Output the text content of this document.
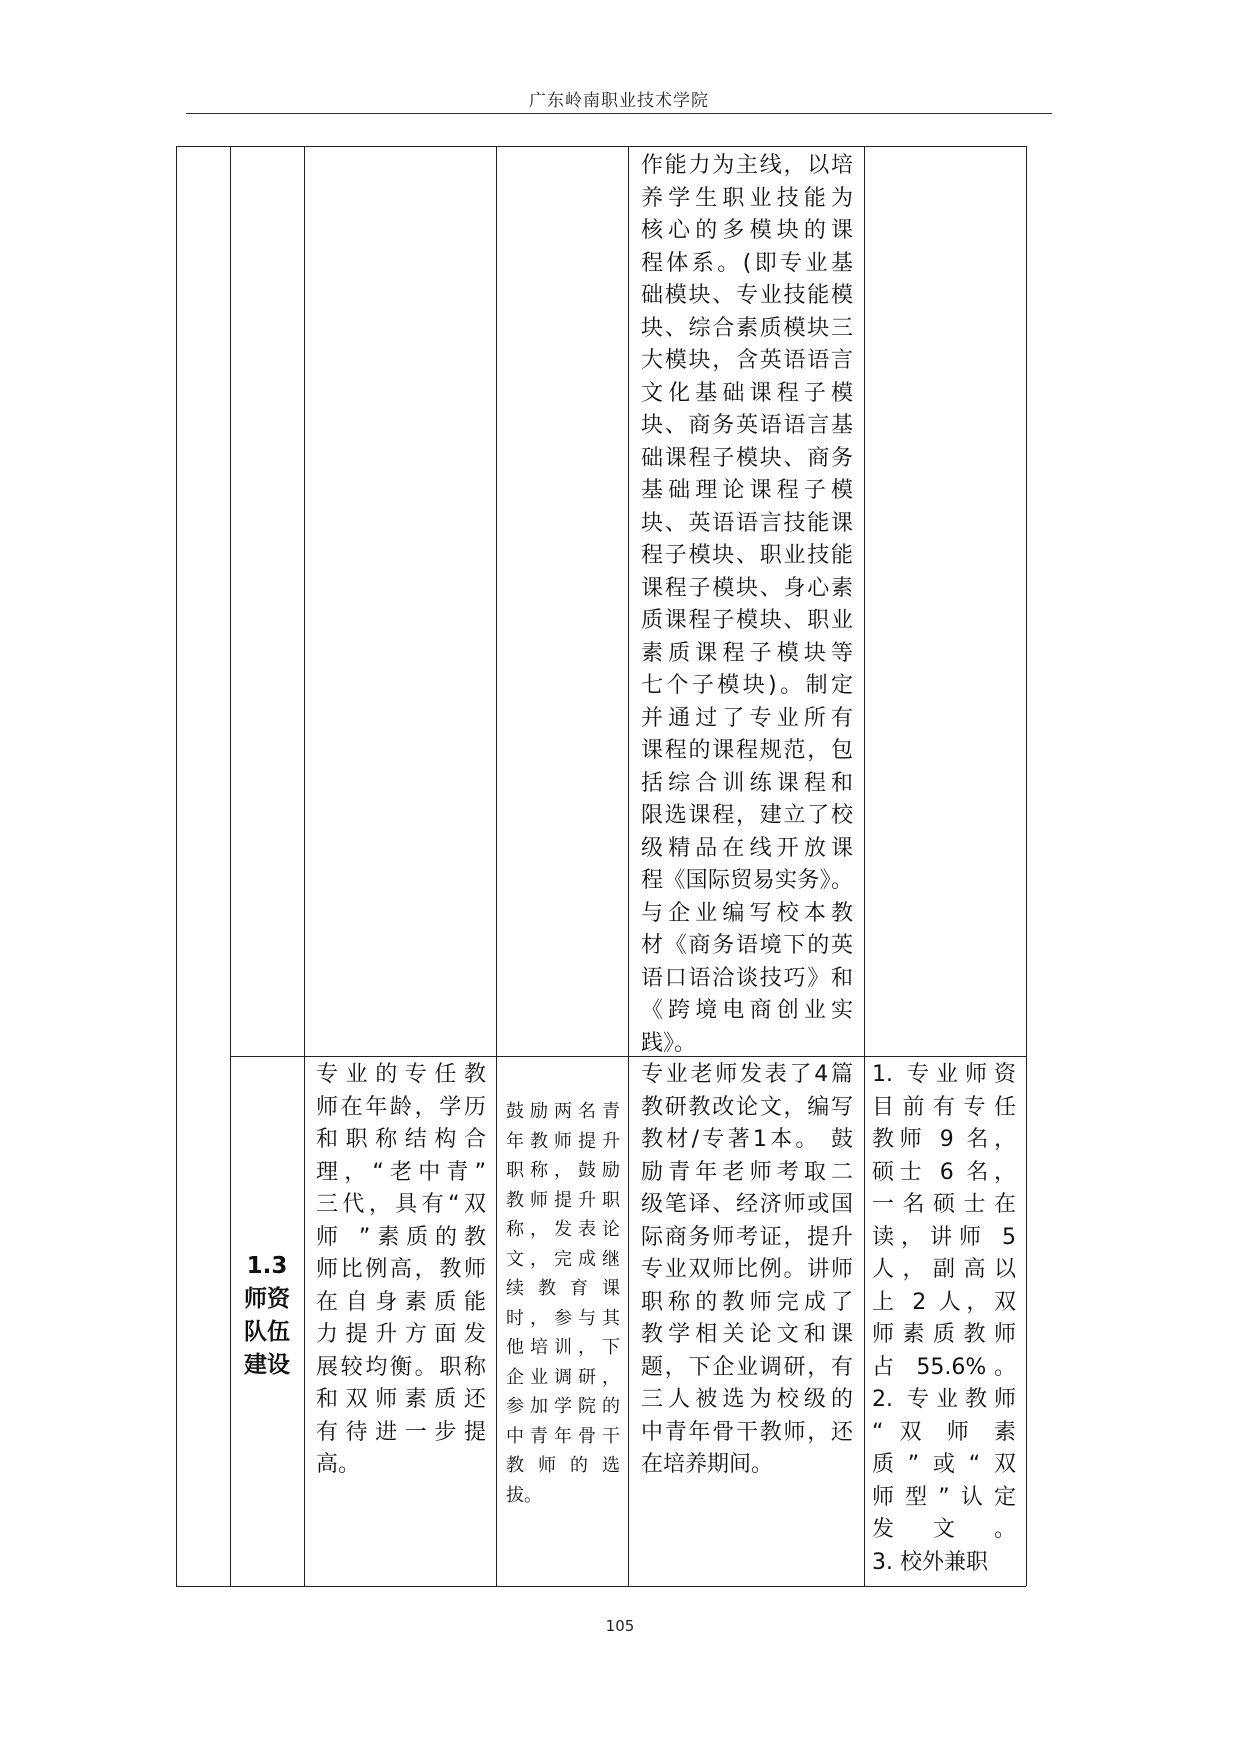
广东岭南职业技术学院
作能力为主线，以培
养学生职业技能为
核心的多模块的课
程体系。(即专业基
础模块、专业技能模
块、综合素质模块三
大模块，含英语语言
文化基础课程子模
块、商务英语语言基
础课程子模块、商务
基础理论课程子模
块、英语语言技能课
程子模块、职业技能
课程子模块、身心素
质课程子模块、职业
素质课程子模块等
七个子模块)。制定
并通过了专业所有
课程的课程规范，包
括综合训练课程和
限选课程，建立了校
级精品在线开放课
程《国际贸易实务》。
与企业编写校本教
材《商务语境下的英
语口语洽谈技巧》和
《跨境电商创业实
践》。
1.3
师资
队伍
建设
专业的专任教
师在年龄，学历
和职称结构合
理，“老中青”
三代，具有“双
师 ”素质的教
师比例高，教师
在自身素质能
力提升方面发
展较均衡。职称
和双师素质还
有待进一步提
高。
鼓励两名青
年教师提升
职称，鼓励
教师提升职
称，发表论
文，完成继
续教育课
时，参与其
他培训，下
企业调研，
参加学院的
中青年骨干
教师的选
拔。
专业老师发表了4篇
教研教改论文，编写
教材/专著1本。 鼓
励青年老师考取二
级笔译、经济师或国
际商务师考证，提升
专业双师比例。讲师
职称的教师完成了
教学相关论文和课
题，下企业调研，有
三人被选为校级的
中青年骨干教师，还
在培养期间。
1. 专业师资
目前有专任
教师 9 名，
硕士 6 名，
一名硕士在
读，讲师 5
人，副高以
上 2 人，双
师素质教师
占 55.6%。
2. 专业教师
“ 双 师 素
质”或“双
师型”认定
发文。
3. 校外兼职
105
